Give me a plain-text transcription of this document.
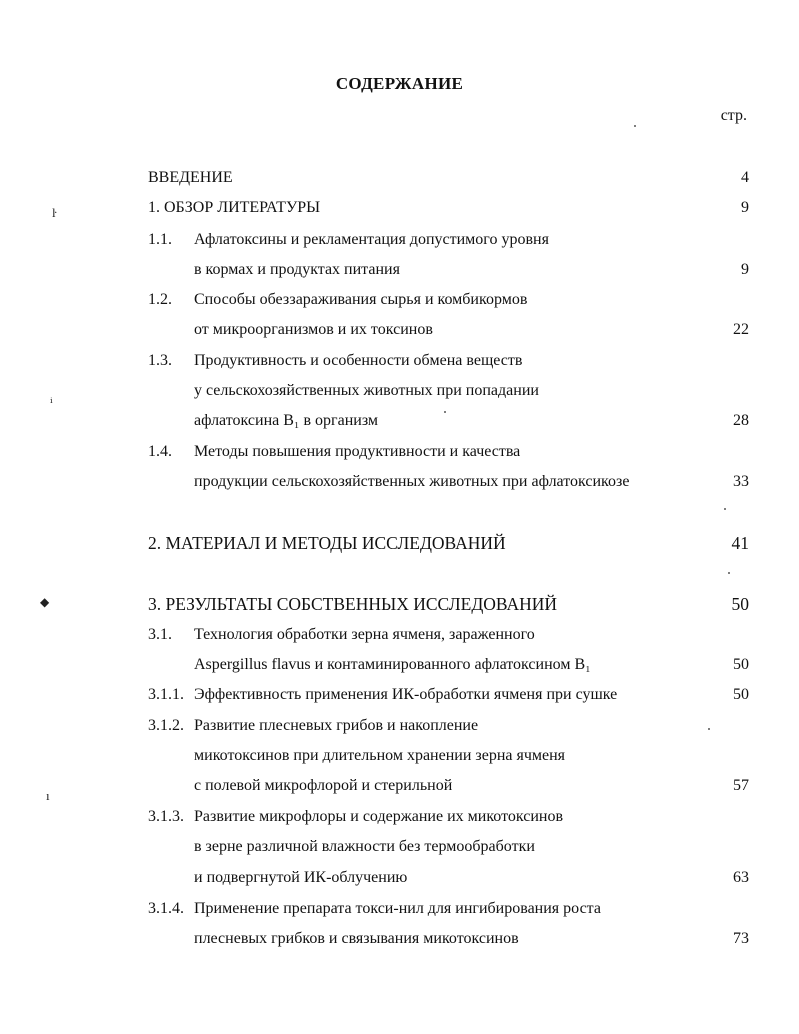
СОДЕРЖАНИЕ
стр.
ВВЕДЕНИЕ	4
1. ОБЗОР ЛИТЕРАТУРЫ	9
1.1. Афлатоксины и рекламентация допустимого уровня
в кормах и продуктах питания	9
1.2. Способы обеззараживания сырья и комбикормов
от микроорганизмов и их токсинов	22
1.3. Продуктивность и особенности обмена веществ
у сельскохозяйственных животных при попадании
афлатоксина B₁ в организм	28
1.4. Методы повышения продуктивности и качества
продукции сельскохозяйственных животных при афлатоксикозе	33
2. МАТЕРИАЛ И МЕТОДЫ ИССЛЕДОВАНИЙ	41
3. РЕЗУЛЬТАТЫ СОБСТВЕННЫХ ИССЛЕДОВАНИЙ	50
3.1. Технология обработки зерна ячменя, зараженного
Aspergillus flavus и контаминированного афлатоксином B₁	50
3.1.1. Эффективность применения ИК-обработки ячменя при сушке	50
3.1.2. Развитие плесневых грибов и накопление
микотоксинов при длительном хранении зерна ячменя
с полевой микрофлорой и стерильной	57
3.1.3. Развитие микрофлоры и содержание их микотоксинов
в зерне различной влажности без термообработки
и подвергнутой ИК-облучению	63
3.1.4. Применение препарата токси-нил для ингибирования роста
плесневых грибков и связывания микотоксинов	73
ŀ
ⁱ
◆
ı
